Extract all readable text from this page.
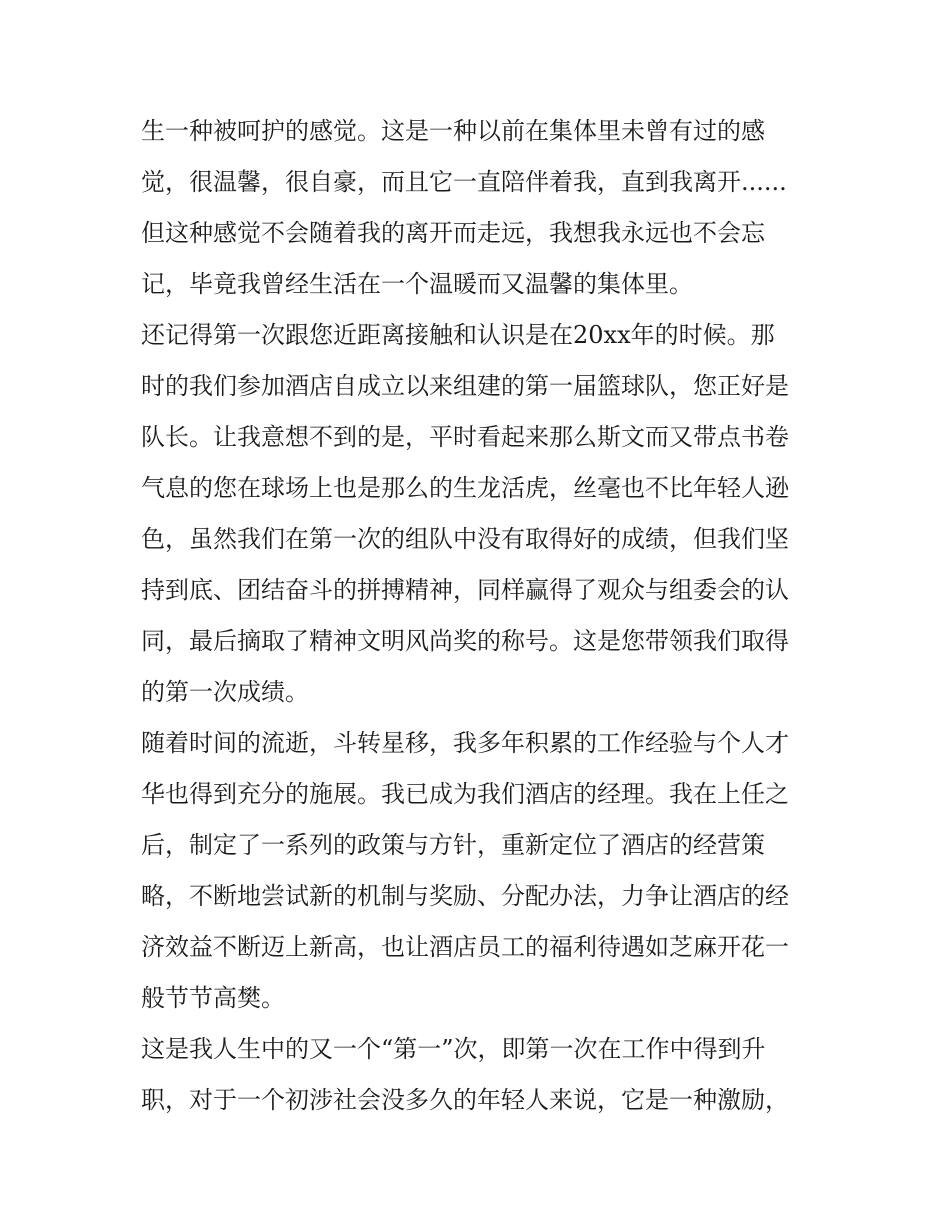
生一种被呵护的感觉。这是一种以前在集体里未曾有过的感
觉，很温馨，很自豪，而且它一直陪伴着我，直到我离开......
但这种感觉不会随着我的离开而走远，我想我永远也不会忘
记，毕竟我曾经生活在一个温暖而又温馨的集体里。
还记得第一次跟您近距离接触和认识是在20xx年的时候。那
时的我们参加酒店自成立以来组建的第一届篮球队，您正好是
队长。让我意想不到的是，平时看起来那么斯文而又带点书卷
气息的您在球场上也是那么的生龙活虎，丝毫也不比年轻人逊
色，虽然我们在第一次的组队中没有取得好的成绩，但我们坚
持到底、团结奋斗的拼搏精神，同样赢得了观众与组委会的认
同，最后摘取了精神文明风尚奖的称号。这是您带领我们取得
的第一次成绩。
随着时间的流逝，斗转星移，我多年积累的工作经验与个人才
华也得到充分的施展。我已成为我们酒店的经理。我在上任之
后，制定了一系列的政策与方针，重新定位了酒店的经营策
略，不断地尝试新的机制与奖励、分配办法，力争让酒店的经
济效益不断迈上新高，也让酒店员工的福利待遇如芝麻开花一
般节节高樊。
这是我人生中的又一个“第一”次，即第一次在工作中得到升
职，对于一个初涉社会没多久的年轻人来说，它是一种激励，
